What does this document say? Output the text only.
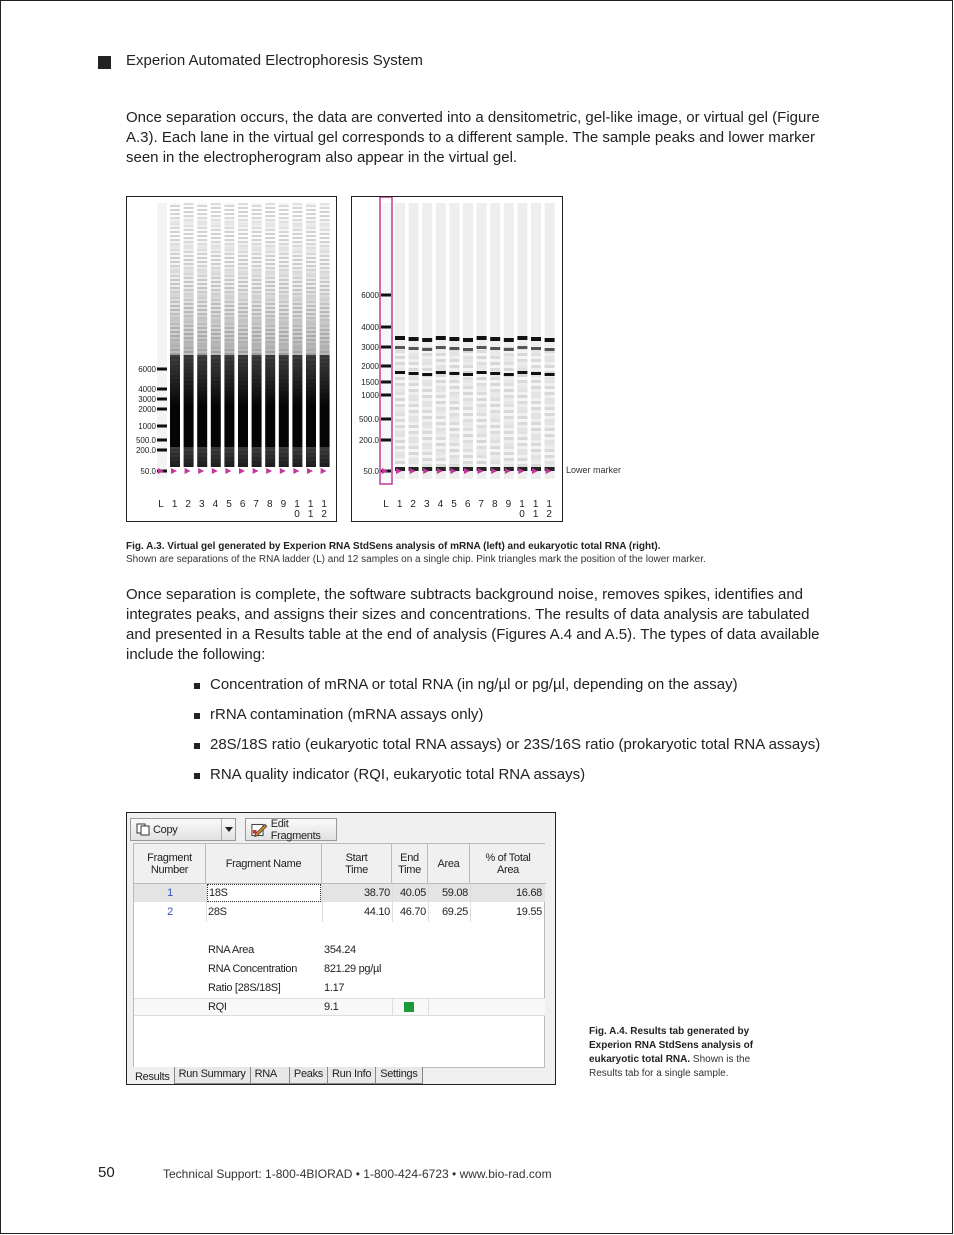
Experion Automated Electrophoresis System

Once separation occurs, the data are converted into a densitometric, gel-like image, or virtual gel (Figure A.3). Each lane in the virtual gel corresponds to a different sample. The sample peaks and lower marker seen in the electropherogram also appear in the virtual gel.

6000
4000
3000
2000
1000
500.0
200.0
50.0
L 1 2 3 4 5 6 7 8 9 1
0
1
1
1
2
6000
4000
3000
2000
1500
1000
500.0
200.0
50.0
L 1 2 3 4 5 6 7 8 9 1
0
1
1
1
2
Lower marker
Fig. A.3. Virtual gel generated by Experion RNA StdSens analysis of mRNA (left) and eukaryotic total RNA (right).
Shown are separations of the RNA ladder (L) and 12 samples on a single chip. Pink triangles mark the position of the lower marker.

Once separation is complete, the software subtracts background noise, removes spikes, identifies and integrates peaks, and assigns their sizes and concentrations. The results of data analysis are tabulated and presented in a Results table at the end of analysis (Figures A.4 and A.5). The types of data available include the following:

Concentration of mRNA or total RNA (in ng/µl or pg/µl, depending on the assay)
rRNA contamination (mRNA assays only)
28S/18S ratio (eukaryotic total RNA assays) or 23S/16S ratio (prokaryotic total RNA assays)
RNA quality indicator (RQI, eukaryotic total RNA assays)
Copy	Edit Fragments
Fragment
Number	Fragment Name	Start
Time
End
Time	Area	% of Total
Area
1	18S	38.70 40.05	59.08	16.68
2	28S	44.10 46.70	69.25	19.55
RNA Area	354.24
RNA Concentration 821.29 pg/µl
Ratio [28S/18S]	1.17
RQI	9.1
Results Run Summary RNA	Peaks Run Info Settings
Fig. A.4. Results tab generated by Experion RNA StdSens analysis of eukaryotic total RNA. Shown is the Results tab for a single sample.
50	Technical Support: 1-800-4BIORAD • 1-800-424-6723 • www.bio-rad.com
